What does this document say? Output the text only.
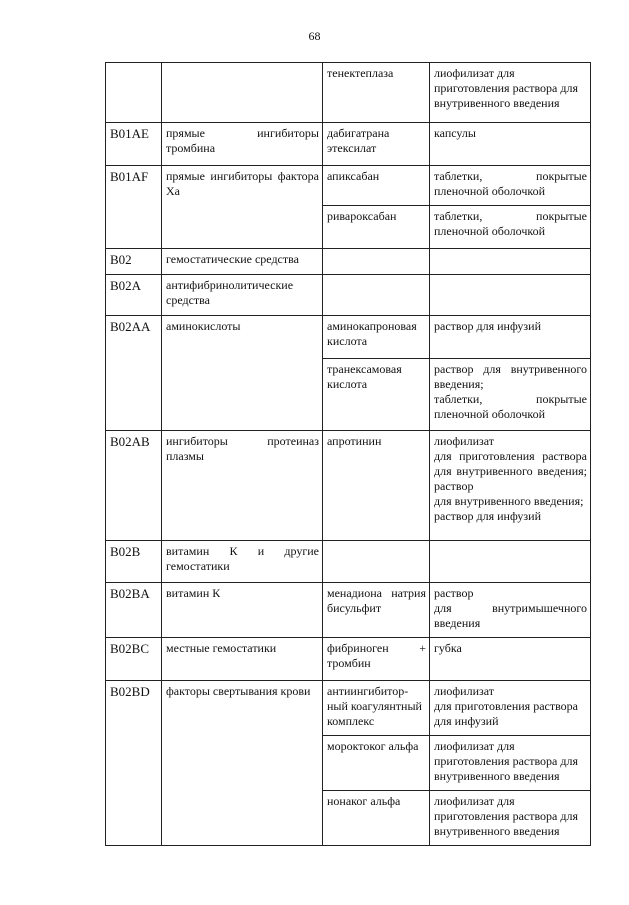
68
		тенектеплаза	лиофилизат для
приготовления раствора для внутривенного введения
B01AE	прямые ингибиторы тромбина	дабигатрана этексилат	капсулы
B01AF	прямые ингибиторы фактора Ха	апиксабан	таблетки, покрытые пленочной оболочкой
		ривароксабан	таблетки, покрытые пленочной оболочкой
B02	гемостатические средства		
B02A	антифибринолитические средства		
B02AA	аминокислоты	аминокапроновая кислота	раствор для инфузий
		транексамовая кислота	раствор для внутривенного введения;
таблетки, покрытые пленочной оболочкой
B02AB	ингибиторы протеиназ плазмы	апротинин	лиофилизат
для приготовления раствора для внутривенного введения; раствор
для внутривенного введения;
раствор для инфузий
B02B	витамин К и другие гемостатики		
B02BA	витамин К	менадиона натрия бисульфит	раствор
для внутримышечного введения
B02BC	местные гемостатики	фибриноген + тромбин	губка
B02BD	факторы свертывания крови	антиингибитор-
ный коагулянтный комплекс	лиофилизат
для приготовления раствора для инфузий
		мороктоког альфа	лиофилизат для
приготовления раствора для внутривенного введения
		нонаког альфа	лиофилизат для
приготовления раствора для внутривенного введения
